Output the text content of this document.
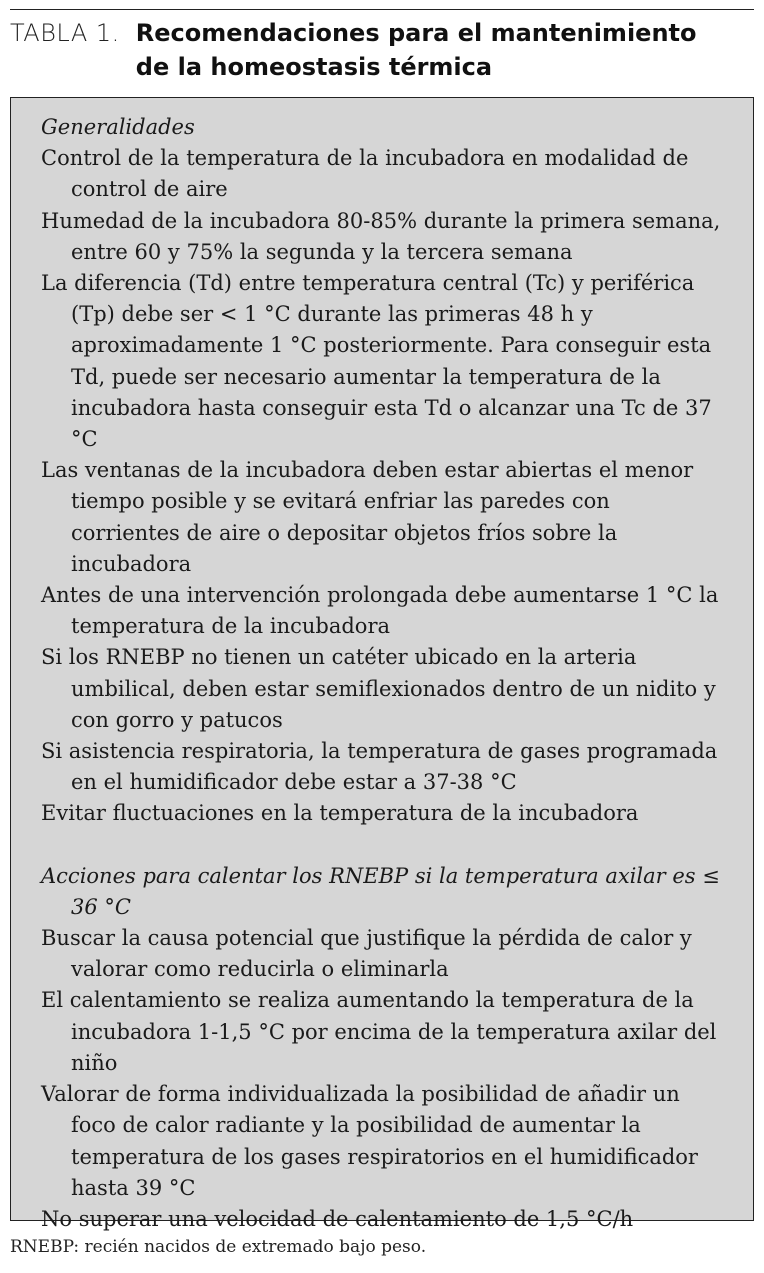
TABLA 1. Recomendaciones para el mantenimiento
de la homeostasis térmica
Generalidades
Control de la temperatura de la incubadora en modalidad de control de aire
Humedad de la incubadora 80-85% durante la primera semana, entre 60 y 75% la segunda y la tercera semana
La diferencia (Td) entre temperatura central (Tc) y periférica (Tp) debe ser < 1 °C durante las primeras 48 h y aproximadamente 1 °C posteriormente. Para conseguir esta Td, puede ser necesario aumentar la temperatura de la incubadora hasta conseguir esta Td o alcanzar una Tc de 37 °C
Las ventanas de la incubadora deben estar abiertas el menor tiempo posible y se evitará enfriar las paredes con corrientes de aire o depositar objetos fríos sobre la incubadora
Antes de una intervención prolongada debe aumentarse 1 °C la temperatura de la incubadora
Si los RNEBP no tienen un catéter ubicado en la arteria umbilical, deben estar semiflexionados dentro de un nidito y con gorro y patucos
Si asistencia respiratoria, la temperatura de gases programada en el humidificador debe estar a 37-38 °C
Evitar fluctuaciones en la temperatura de la incubadora
Acciones para calentar los RNEBP si la temperatura axilar es ≤ 36 °C
Buscar la causa potencial que justifique la pérdida de calor y valorar como reducirla o eliminarla
El calentamiento se realiza aumentando la temperatura de la incubadora 1-1,5 °C por encima de la temperatura axilar del niño
Valorar de forma individualizada la posibilidad de añadir un foco de calor radiante y la posibilidad de aumentar la temperatura de los gases respiratorios en el humidificador hasta 39 °C
No superar una velocidad de calentamiento de 1,5 °C/h
RNEBP: recién nacidos de extremado bajo peso.
